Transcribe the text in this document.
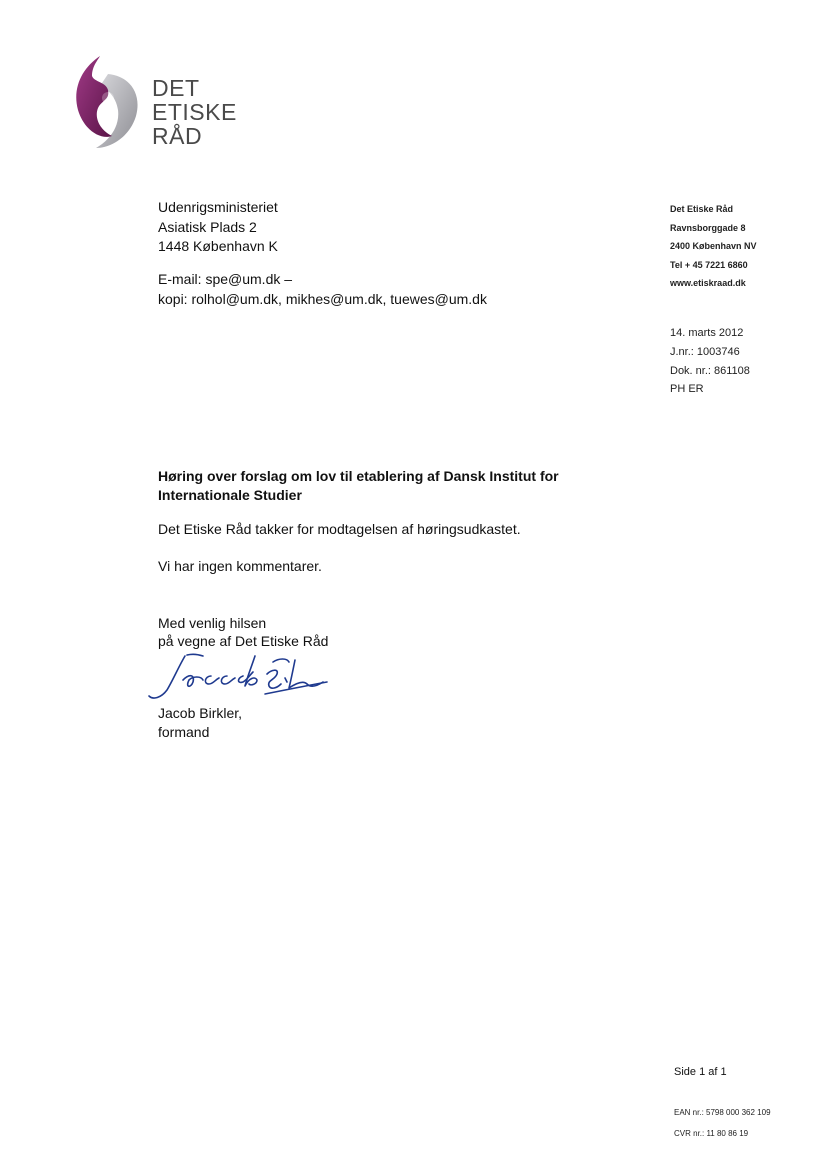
DET
ETISKE
RÅD
Udenrigsministeriet
Asiatisk Plads 2
1448 København K
E-mail: spe@um.dk –
kopi: rolhol@um.dk, mikhes@um.dk, tuewes@um.dk
Det Etiske Råd
Ravnsborggade 8
2400 København NV
Tel + 45 7221 6860
www.etiskraad.dk
14. marts 2012
J.nr.: 1003746
Dok. nr.: 861108
PH ER
Høring over forslag om lov til etablering af Dansk Institut for
Internationale Studier
Det Etiske Råd takker for modtagelsen af høringsudkastet.
Vi har ingen kommentarer.
Med venlig hilsen
på vegne af Det Etiske Råd
Jacob Birkler,
formand
Side 1 af 1
EAN nr.: 5798 000 362 109
CVR nr.: 11 80 86 19
